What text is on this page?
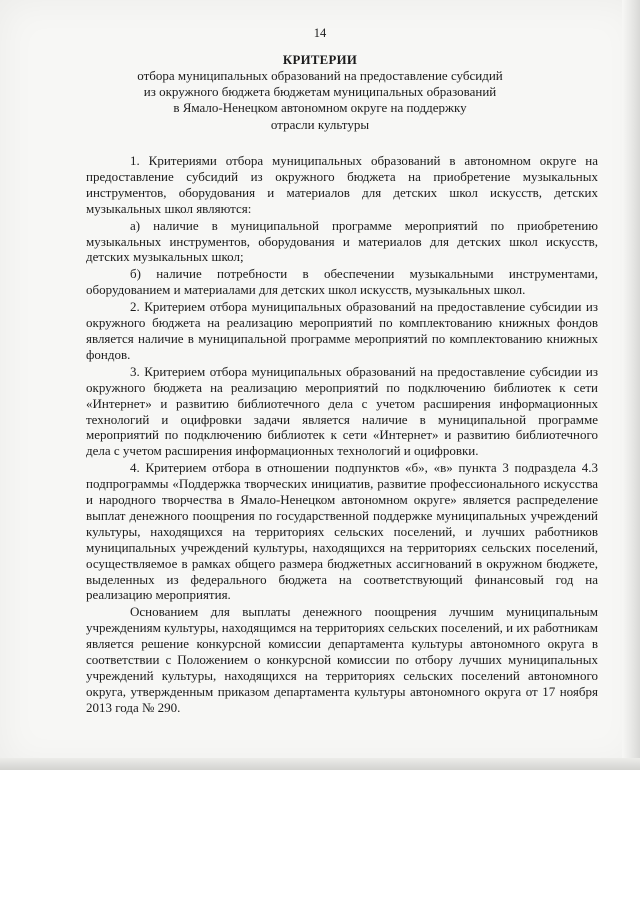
14
КРИТЕРИИ
отбора муниципальных образований на предоставление субсидий
из окружного бюджета бюджетам муниципальных образований
в Ямало-Ненецком автономном округе на поддержку
отрасли культуры

1. Критериями отбора муниципальных образований в автономном округе на предоставление субсидий из окружного бюджета на приобретение музыкальных инструментов, оборудования и материалов для детских школ искусств, детских музыкальных школ являются:

а) наличие в муниципальной программе мероприятий по приобретению музыкальных инструментов, оборудования и материалов для детских школ искусств, детских музыкальных школ;

б) наличие потребности в обеспечении музыкальными инструментами, оборудованием и материалами для детских школ искусств, музыкальных школ.

2. Критерием отбора муниципальных образований на предоставление субсидии из окружного бюджета на реализацию мероприятий по комплектованию книжных фондов является наличие в муниципальной программе мероприятий по комплектованию книжных фондов.

3. Критерием отбора муниципальных образований на предоставление субсидии из окружного бюджета на реализацию мероприятий по подключению библиотек к сети «Интернет» и развитию библиотечного дела с учетом расширения информационных технологий и оцифровки задачи является наличие в муниципальной программе мероприятий по подключению библиотек к сети «Интернет» и развитию библиотечного дела с учетом расширения информационных технологий и оцифровки.

4. Критерием отбора в отношении подпунктов «б», «в» пункта 3 подраздела 4.3 подпрограммы «Поддержка творческих инициатив, развитие профессионального искусства и народного творчества в Ямало-Ненецком автономном округе» является распределение выплат денежного поощрения по государственной поддержке муниципальных учреждений культуры, находящихся на территориях сельских поселений, и лучших работников муниципальных учреждений культуры, находящихся на территориях сельских поселений, осуществляемое в рамках общего размера бюджетных ассигнований в окружном бюджете, выделенных из федерального бюджета на соответствующий финансовый год на реализацию мероприятия.

Основанием для выплаты денежного поощрения лучшим муниципальным учреждениям культуры, находящимся на территориях сельских поселений, и их работникам является решение конкурсной комиссии департамента культуры автономного округа в соответствии с Положением о конкурсной комиссии по отбору лучших муниципальных учреждений культуры, находящихся на территориях сельских поселений автономного округа, утвержденным приказом департамента культуры автономного округа от 17 ноября 2013 года № 290.
